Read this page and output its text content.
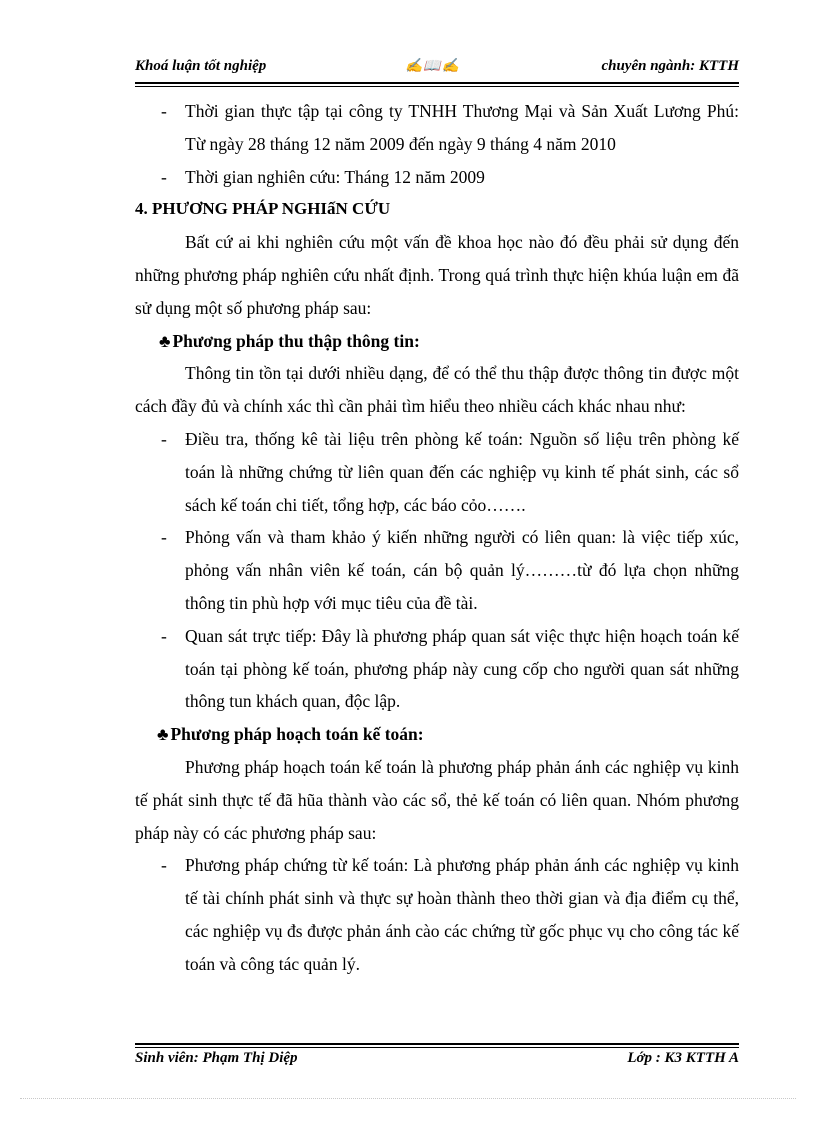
Khoá luận tốt nghiệp	✍📖✍	chuyên ngành: KTTH

- Thời gian thực tập tại công ty TNHH Thương Mại và Sản Xuất Lương Phú: Từ ngày 28 tháng 12 năm 2009 đến ngày 9 tháng 4 năm 2010

- Thời gian nghiên cứu: Tháng 12 năm 2009

4. PHƯƠNG PHÁP NGHIấN CỨU

Bất cứ ai khi nghiên cứu một vấn đề khoa học nào đó đều phải sử dụng đến những phương pháp nghiên cứu nhất định. Trong quá trình thực hiện khúa luận em đã sử dụng một số phương pháp sau:

♣ Phương pháp thu thập thông tin:

Thông tin tồn tại dưới nhiều dạng, để có thể thu thập được thông tin được một cách đầy đủ và chính xác thì cần phải tìm hiểu theo nhiều cách khác nhau như:

- Điều tra, thống kê tài liệu trên phòng kế toán: Nguồn số liệu trên phòng kế toán là những chứng từ liên quan đến các nghiệp vụ kinh tế phát sinh, các sổ sách kế toán chi tiết, tổng hợp, các báo cỏo…….

- Phỏng vấn và tham khảo ý kiến những người có liên quan: là việc tiếp xúc, phỏng vấn nhân viên kế toán, cán bộ quản lý………từ đó lựa chọn những thông tin phù hợp với mục tiêu của đề tài.

- Quan sát trực tiếp: Đây là phương pháp quan sát việc thực hiện hoạch toán kế toán tại phòng kế toán, phương pháp này cung cốp cho người quan sát những thông tun khách quan, độc lập.

♣ Phương pháp hoạch toán kế toán:

Phương pháp hoạch toán kế toán là phương pháp phản ánh các nghiệp vụ kinh tế phát sinh thực tế đã hũa thành vào các sổ, thẻ kế toán có liên quan. Nhóm phương pháp này có các phương pháp sau:

- Phương pháp chứng từ kế toán: Là phương pháp phản ánh các nghiệp vụ kinh tế tài chính phát sinh và thực sự hoàn thành theo thời gian và địa điểm cụ thể, các nghiệp vụ đs được phản ánh cào các chứng từ gốc phục vụ cho công tác kế toán và công tác quản lý.

Sinh viên: Phạm Thị Diệp	Lớp : K3 KTTH A
